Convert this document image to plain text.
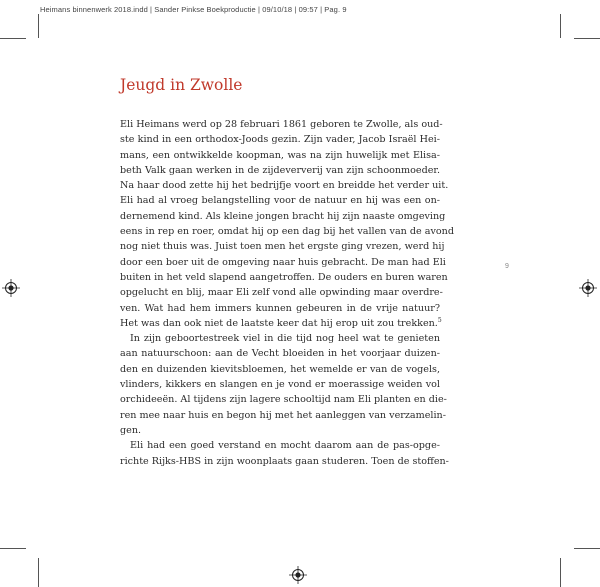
Heimans binnenwerk 2018.indd | Sander Pinkse Boekproductie | 09/10/18 | 09:57 | Pag. 9
Jeugd in Zwolle
Eli Heimans werd op 28 februari 1861 geboren te Zwolle, als oud-
ste kind in een orthodox-Joods gezin. Zijn vader, Jacob Israël Hei-
mans, een ontwikkelde koopman, was na zijn huwelijk met Elisa-
beth Valk gaan werken in de zijdeververij van zijn schoonmoeder.
Na haar dood zette hij het bedrijfje voort en breidde het verder uit.
Eli had al vroeg belangstelling voor de natuur en hij was een on-
dernemend kind. Als kleine jongen bracht hij zijn naaste omgeving
eens in rep en roer, omdat hij op een dag bij het vallen van de avond
nog niet thuis was. Juist toen men het ergste ging vrezen, werd hij
door een boer uit de omgeving naar huis gebracht. De man had Eli
buiten in het veld slapend aangetroffen. De ouders en buren waren
opgelucht en blij, maar Eli zelf vond alle opwinding maar overdre-
ven. Wat had hem immers kunnen gebeuren in de vrije natuur?
Het was dan ook niet de laatste keer dat hij erop uit zou trekken.$^5$
In zijn geboortestreek viel in die tijd nog heel wat te genieten
aan natuurschoon: aan de Vecht bloeiden in het voorjaar duizen-
den en duizenden kievitsbloemen, het wemelde er van de vogels,
vlinders, kikkers en slangen en je vond er moerassige weiden vol
orchideeën. Al tijdens zijn lagere schooltijd nam Eli planten en die-
ren mee naar huis en begon hij met het aanleggen van verzamelin-
gen.
Eli had een goed verstand en mocht daarom aan de pas-opge-
richte Rijks-HBS in zijn woonplaats gaan studeren. Toen de stoffen-
9
